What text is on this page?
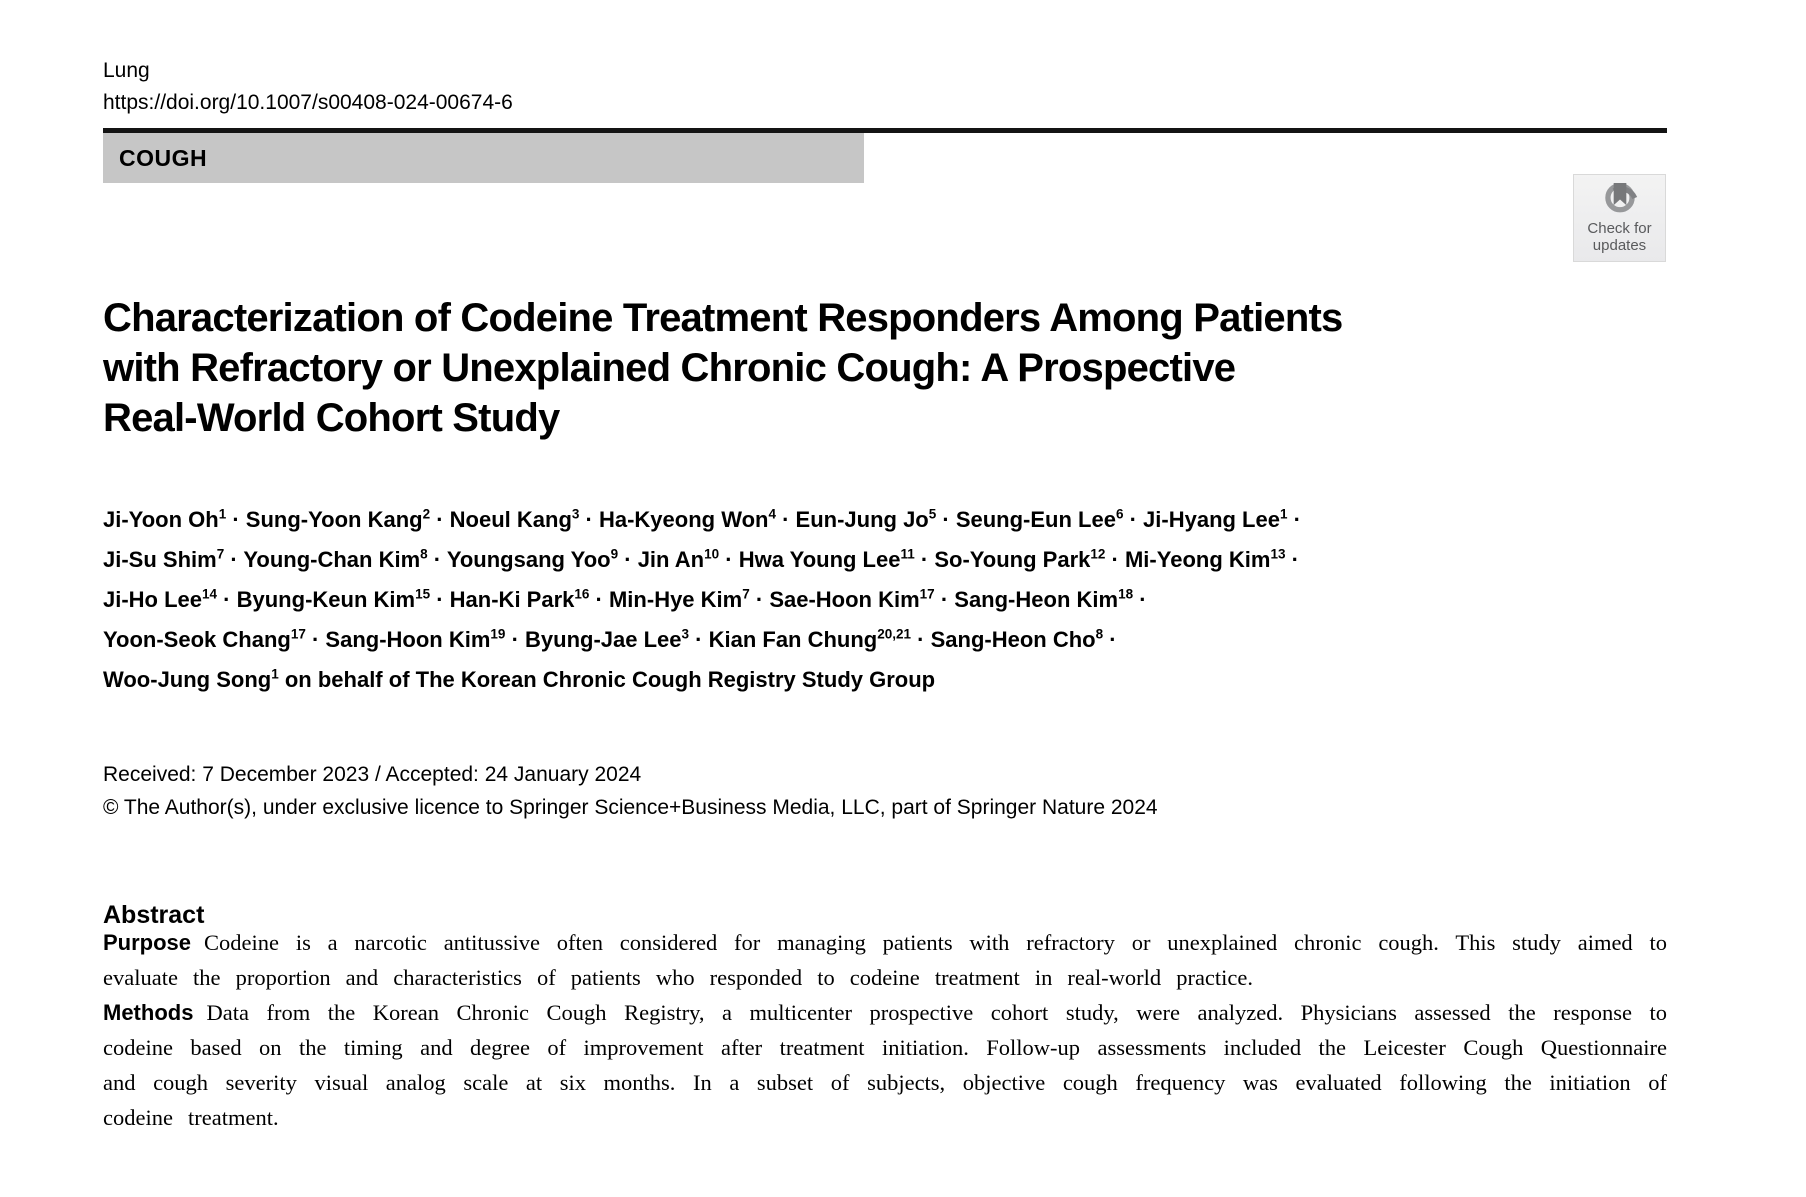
Lung
https://doi.org/10.1007/s00408-024-00674-6
COUGH
Check for
updates
Characterization of Codeine Treatment Responders Among Patients
with Refractory or Unexplained Chronic Cough: A Prospective
Real-World Cohort Study
Ji-Yoon $Oh^1$ · Sung-Yoon Kang$^2$ · Noeul Kang$^3$ · Ha-Kyeong Won$^4$ · Eun-Jung $Jo^5$ · Seung-Eun Lee$^6$ · Ji-Hyang Lee$^1$ ·
Ji-Su Shim$^7$ · Young-Chan Kim$^8$ · Youngsang Yoo$^9$ · Jin $An^{10}$ · Hwa Young Lee$^{11}$ · So-Young Park$^{12}$ · Mi-Yeong Kim$^{13}$ ·
Ji-Ho Lee$^{14}$ · Byung-Keun Kim$^{15}$ · Han-Ki Park$^{16}$ · Min-Hye Kim$^7$ · Sae-Hoon Kim$^{17}$ · Sang-Heon Kim$^{18}$ ·
Yoon-Seok Chang$^{17}$ · Sang-Hoon Kim$^{19}$ · Byung-Jae Lee$^3$ · Kian Fan Chung$^{20,21}$ · Sang-Heon Cho$^8$ ·
Woo-Jung Song$^1$ on behalf of The Korean Chronic Cough Registry Study Group
Received: 7 December 2023 / Accepted: 24 January 2024
© The Author(s), under exclusive licence to Springer Science+Business Media, LLC, part of Springer Nature 2024
Abstract

Purpose Codeine is a narcotic antitussive often considered for managing patients with refractory or unexplained chronic cough. This study aimed to evaluate the proportion and characteristics of patients who responded to codeine treatment in real-world practice.

Methods Data from the Korean Chronic Cough Registry, a multicenter prospective cohort study, were analyzed. Physicians assessed the response to codeine based on the timing and degree of improvement after treatment initiation. Follow-up assessments included the Leicester Cough Questionnaire and cough severity visual analog scale at six months. In a subset of subjects, objective cough frequency was evaluated following the initiation of codeine treatment.
